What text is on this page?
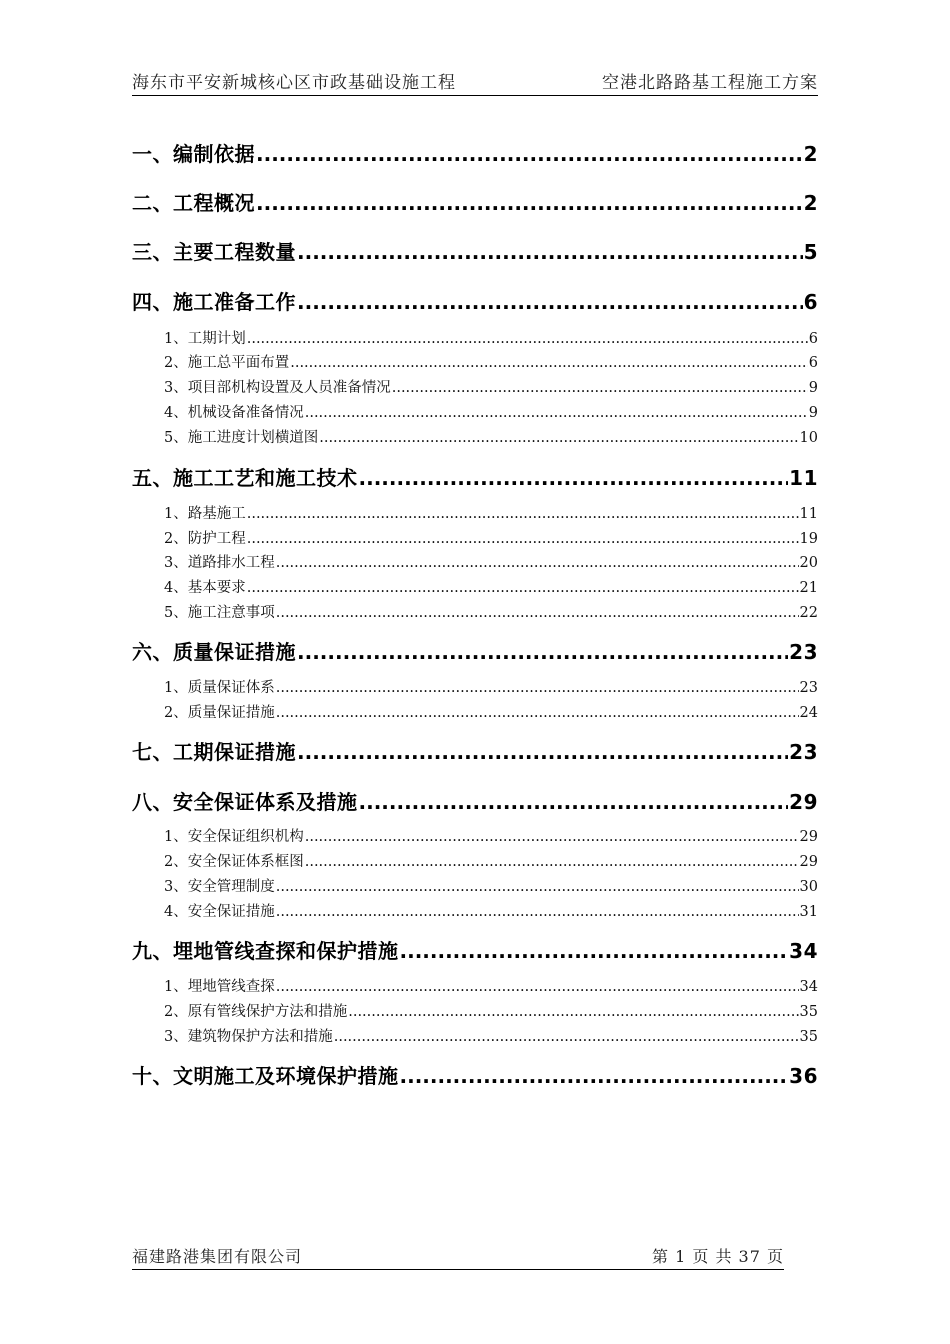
海东市平安新城核心区市政基础设施工程	空港北路路基工程施工方案
一、编制依据 .....	2
二、工程概况 .....	2
三、主要工程数量 .....	5
四、施工准备工作 .....	6
1、工期计划 .....	6
2、施工总平面布置 .....	6
3、项目部机构设置及人员准备情况 .....	9
4、机械设备准备情况 .....	9
5、施工进度计划横道图 .....	10
五、施工工艺和施工技术 .....	11
1、路基施工 .....	11
2、防护工程 .....	19
3、道路排水工程 .....	20
4、基本要求 .....	21
5、施工注意事项 .....	22
六、质量保证措施 .....	23
1、质量保证体系 .....	23
2、质量保证措施 .....	24
七、工期保证措施 .....	23
八、安全保证体系及措施 .....	29
1、安全保证组织机构 .....	29
2、安全保证体系框图 .....	29
3、安全管理制度 .....	30
4、安全保证措施 .....	31
九、埋地管线查探和保护措施 .....	34
1、埋地管线查探 .....	34
2、原有管线保护方法和措施 .....	35
3、建筑物保护方法和措施 .....	35
十、文明施工及环境保护措施 .....	36
福建路港集团有限公司	第 1 页 共 37 页
